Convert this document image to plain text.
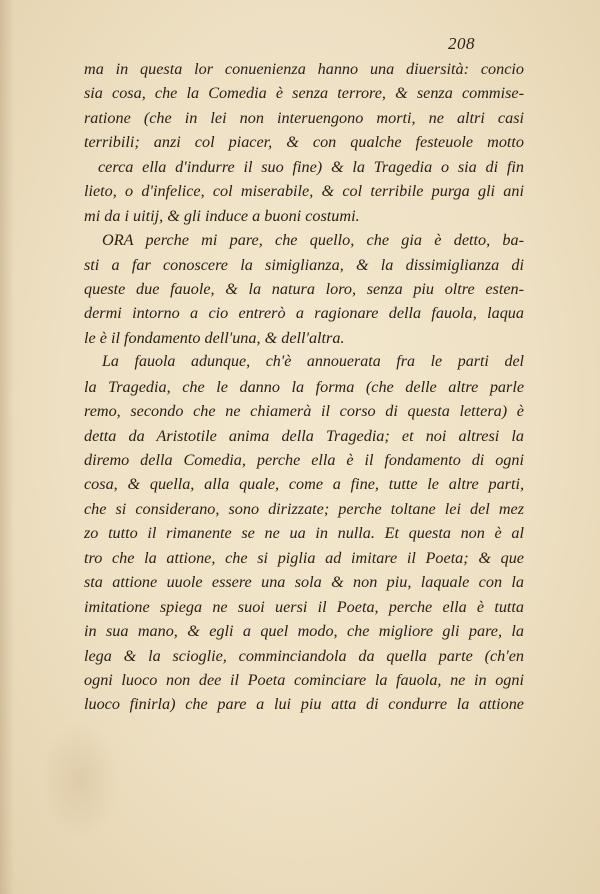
208
ma in questa lor conuenienza hanno una diuersità: concio
sia cosa, che la Comedia è senza terrore, & senza commise-
ratione (che in lei non interuengono morti, ne altri casi
terribili; anzi col piacer, & con qualche festeuole motto
cerca ella d'indurre il suo fine) & la Tragedia o sia di fin
lieto, o d'infelice, col miserabile, & col terribile purga gli ani
mi da i uitij, & gli induce a buoni costumi.
ORA perche mi pare, che quello, che gia è detto, ba-
sti a far conoscere la simiglianza, & la dissimiglianza di
queste due fauole, & la natura loro, senza piu oltre esten-
dermi intorno a cio entrerò a ragionare della fauola, laqua
le è il fondamento dell'una, & dell'altra.
La fauola adunque, ch'è annouerata fra le parti del
la Tragedia, che le danno la forma (che delle altre parle
remo, secondo che ne chiamerà il corso di questa lettera) è
detta da Aristotile anima della Tragedia; et noi altresi la
diremo della Comedia, perche ella è il fondamento di ogni
cosa, & quella, alla quale, come a fine, tutte le altre parti,
che si considerano, sono dirizzate; perche toltane lei del mez
zo tutto il rimanente se ne ua in nulla. Et questa non è al
tro che la attione, che si piglia ad imitare il Poeta; & que
sta attione uuole essere una sola & non piu, laquale con la
imitatione spiega ne suoi uersi il Poeta, perche ella è tutta
in sua mano, & egli a quel modo, che migliore gli pare, la
lega & la scioglie, comminciandola da quella parte (ch'en
ogni luoco non dee il Poeta cominciare la fauola, ne in ogni
luoco finirla) che pare a lui piu atta di condurre la attione
